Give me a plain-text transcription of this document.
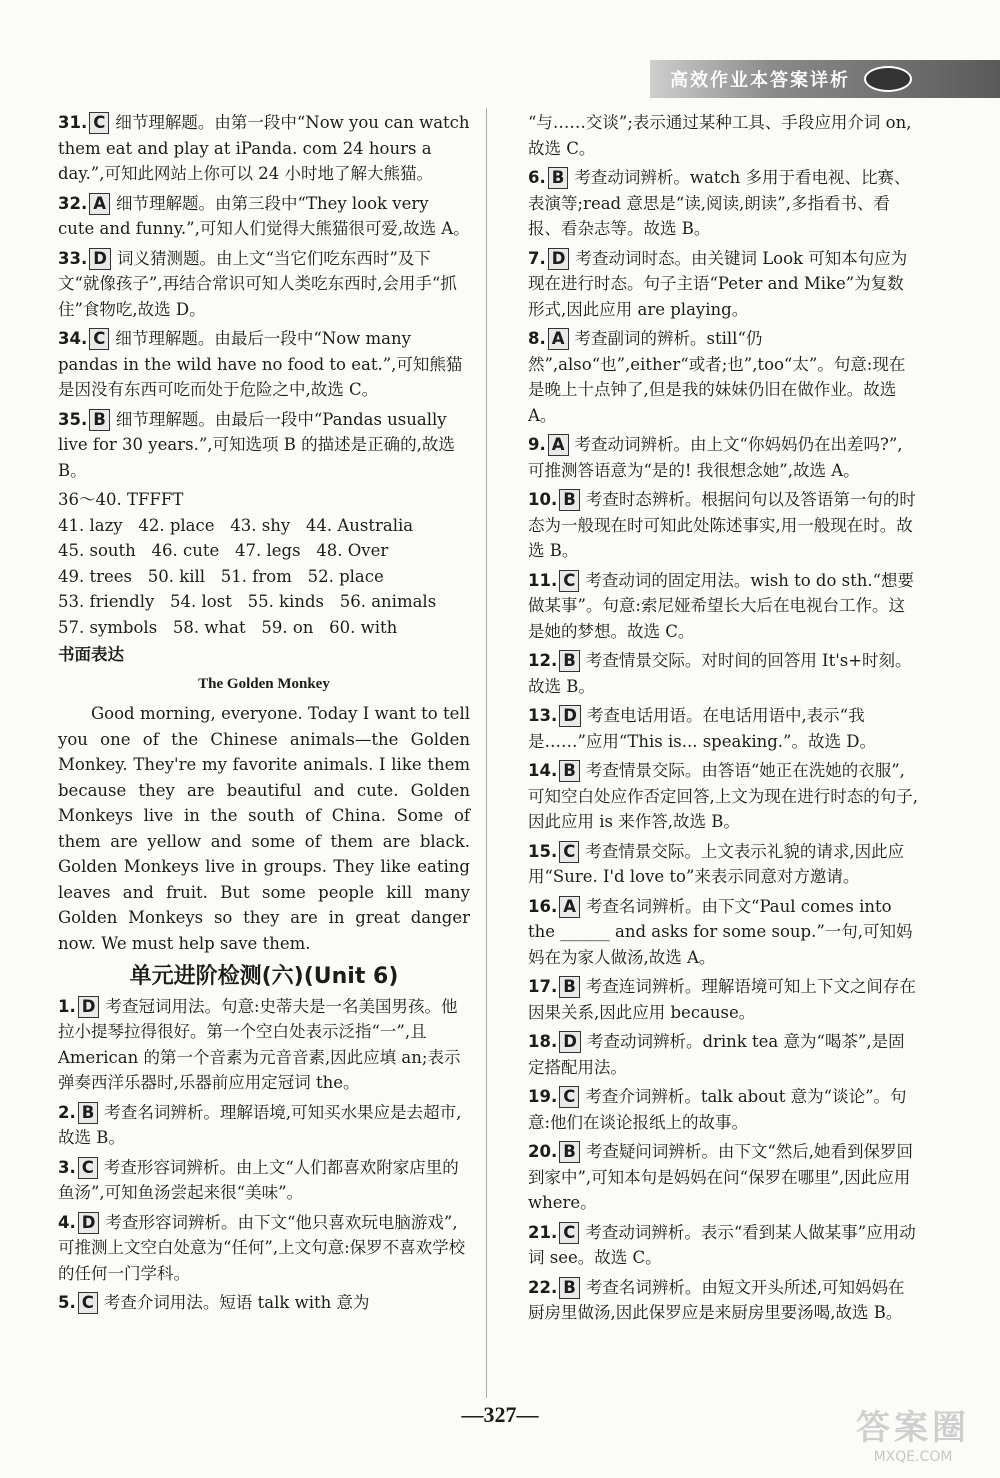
高效作业本答案详析

31. C 细节理解题。由第一段中“Now you can watch them eat and play at iPanda. com 24 hours a day.”,可知此网站上你可以 24 小时地了解大熊猫。

32. A 细节理解题。由第三段中“They look very cute and funny.”,可知人们觉得大熊猫很可爱,故选 A。

33. D 词义猜测题。由上文“当它们吃东西时”及下文“就像孩子”,再结合常识可知人类吃东西时,会用手“抓住”食物吃,故选 D。

34. C 细节理解题。由最后一段中“Now many pandas in the wild have no food to eat.”,可知熊猫是因没有东西可吃而处于危险之中,故选 C。

35. B 细节理解题。由最后一段中“Pandas usually live for 30 years.”,可知选项 B 的描述是正确的,故选 B。

36～40. TFFFT

41. lazy   42. place   43. shy   44. Australia

45. south   46. cute   47. legs   48. Over

49. trees   50. kill   51. from   52. place

53. friendly   54. lost   55. kinds   56. animals

57. symbols   58. what   59. on   60. with

书面表达
The Golden Monkey

Good morning, everyone. Today I want to tell you one of the Chinese animals—the Golden Monkey. They're my favorite animals. I like them because they are beautiful and cute. Golden Monkeys live in the south of China. Some of them are yellow and some of them are black. Golden Monkeys live in groups. They like eating leaves and fruit. But some people kill many Golden Monkeys so they are in great danger now. We must help save them.

单元进阶检测(六)(Unit 6)

1. D 考查冠词用法。句意:史蒂夫是一名美国男孩。他拉小提琴拉得很好。第一个空白处表示泛指“一”,且 American 的第一个音素为元音音素,因此应填 an;表示弹奏西洋乐器时,乐器前应用定冠词 the。

2. B 考查名词辨析。理解语境,可知买水果应是去超市,故选 B。

3. C 考查形容词辨析。由上文“人们都喜欢附家店里的鱼汤”,可知鱼汤尝起来很“美味”。

4. D 考查形容词辨析。由下文“他只喜欢玩电脑游戏”,可推测上文空白处意为“任何”,上文句意:保罗不喜欢学校的任何一门学科。

5. C 考查介词用法。短语 talk with 意为

“与……交谈”;表示通过某种工具、手段应用介词 on,故选 C。

6. B 考查动词辨析。watch 多用于看电视、比赛、表演等;read 意思是“读,阅读,朗读”,多指看书、看报、看杂志等。故选 B。

7. D 考查动词时态。由关键词 Look 可知本句应为现在进行时态。句子主语“Peter and Mike”为复数形式,因此应用 are playing。

8. A 考查副词的辨析。still“仍然”,also“也”,either“或者;也”,too“太”。句意:现在是晚上十点钟了,但是我的妹妹仍旧在做作业。故选 A。

9. A 考查动词辨析。由上文“你妈妈仍在出差吗?”,可推测答语意为“是的! 我很想念她”,故选 A。

10. B 考查时态辨析。根据问句以及答语第一句的时态为一般现在时可知此处陈述事实,用一般现在时。故选 B。

11. C 考查动词的固定用法。wish to do sth.“想要做某事”。句意:索尼娅希望长大后在电视台工作。这是她的梦想。故选 C。

12. B 考查情景交际。对时间的回答用 It's+时刻。故选 B。

13. D 考查电话用语。在电话用语中,表示“我是……”应用“This is... speaking.”。故选 D。

14. B 考查情景交际。由答语“她正在洗她的衣服”,可知空白处应作否定回答,上文为现在进行时态的句子,因此应用 is 来作答,故选 B。

15. C 考查情景交际。上文表示礼貌的请求,因此应用“Sure. I'd love to”来表示同意对方邀请。

16. A 考查名词辨析。由下文“Paul comes into the ______ and asks for some soup.”一句,可知妈妈在为家人做汤,故选 A。

17. B 考查连词辨析。理解语境可知上下文之间存在因果关系,因此应用 because。

18. D 考查动词辨析。drink tea 意为“喝茶”,是固定搭配用法。

19. C 考查介词辨析。talk about 意为“谈论”。句意:他们在谈论报纸上的故事。

20. B 考查疑问词辨析。由下文“然后,她看到保罗回到家中”,可知本句是妈妈在问“保罗在哪里”,因此应用 where。

21. C 考查动词辨析。表示“看到某人做某事”应用动词 see。故选 C。

22. B 考查名词辨析。由短文开头所述,可知妈妈在厨房里做汤,因此保罗应是来厨房里要汤喝,故选 B。

—327—	答案圈
MXQE.COM
